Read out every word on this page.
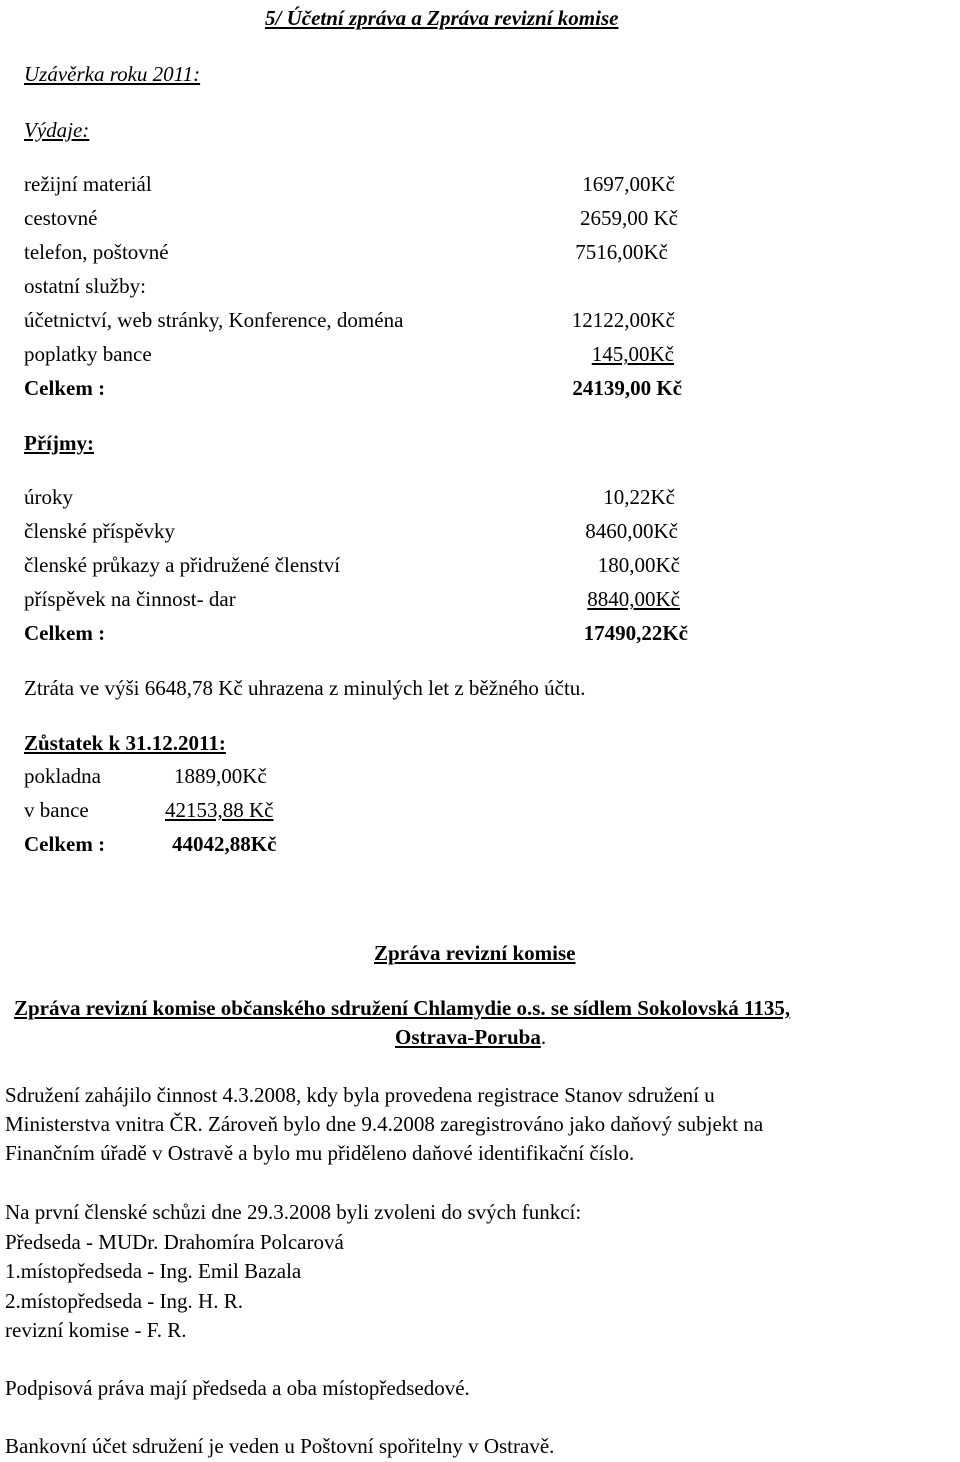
5/ Účetní zpráva a Zpráva revizní komise
Uzávěrka roku 2011:
Výdaje:
režijní materiál	1697,00Kč
cestovné	2659,00 Kč
telefon, poštovné	7516,00Kč
ostatní služby:
účetnictví, web stránky, Konference, doména	12122,00Kč
poplatky bance	145,00Kč
Celkem :	24139,00 Kč
Příjmy:
úroky	10,22Kč
členské příspěvky	8460,00Kč
členské průkazy a přidružené členství	180,00Kč
příspěvek na činnost- dar	8840,00Kč
Celkem :	17490,22Kč
Ztráta ve výši 6648,78 Kč uhrazena z minulých let z běžného účtu.
Zůstatek k 31.12.2011:
pokladna	1889,00Kč
v bance	42153,88 Kč
Celkem :	44042,88Kč
Zpráva revizní komise
Zpráva revizní komise občanského sdružení Chlamydie o.s. se sídlem Sokolovská 1135,
Ostrava-Poruba.
Sdružení zahájilo činnost 4.3.2008, kdy byla provedena registrace Stanov sdružení u
Ministerstva vnitra ČR. Zároveň bylo dne 9.4.2008 zaregistrováno jako daňový subjekt na
Finančním úřadě v Ostravě a bylo mu přiděleno daňové identifikační číslo.
Na první členské schůzi dne 29.3.2008 byli zvoleni do svých funkcí:
Předseda - MUDr. Drahomíra Polcarová
1.místopředseda - Ing. Emil Bazala
2.místopředseda - Ing. H. R.
revizní komise - F. R.
Podpisová práva mají předseda a oba místopředsedové.
Bankovní účet sdružení je veden u Poštovní spořitelny v Ostravě.
